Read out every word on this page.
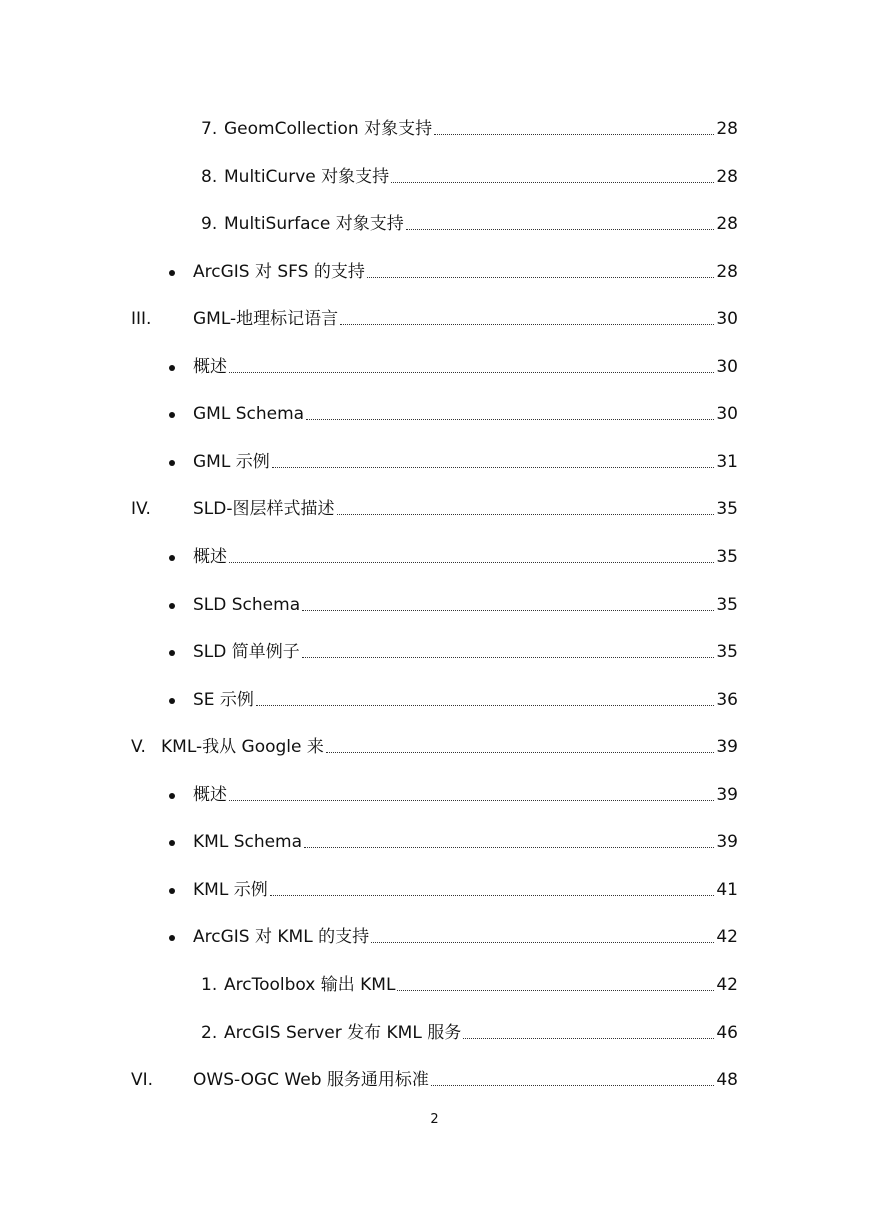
7. GeomCollection 对象支持	28
8. MultiCurve 对象支持	28
9. MultiSurface 对象支持	28
ArcGIS 对 SFS 的支持	28
III. GML-地理标记语言	30
概述	30
GML Schema	30
GML 示例	31
IV. SLD-图层样式描述	35
概述	35
SLD Schema	35
SLD 简单例子	35
SE 示例	36
V. KML-我从 Google 来	39
概述	39
KML Schema	39
KML 示例	41
ArcGIS 对 KML 的支持	42
1. ArcToolbox 输出 KML	42
2. ArcGIS Server 发布 KML 服务	46
VI. OWS-OGC Web 服务通用标准	48
2
